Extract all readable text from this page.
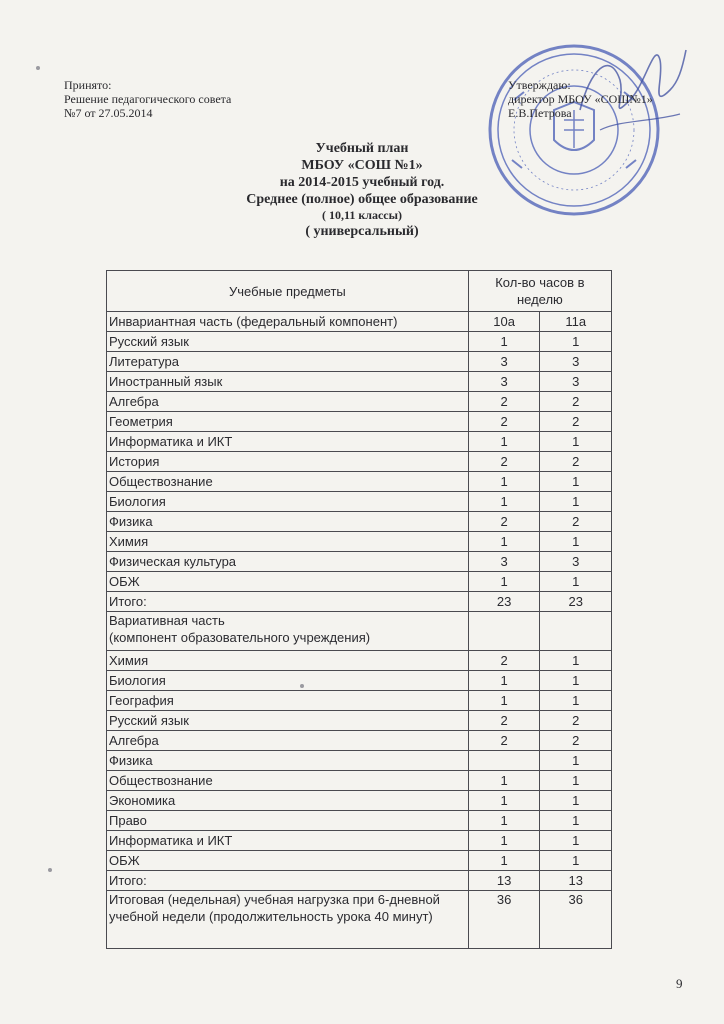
Принято:
Решение педагогического совета
№7 от 27.05.2014
Утверждаю:
директор МБОУ «СОШ№1»
Е.В.Петрова
Учебный план
МБОУ «СОШ №1»
на 2014-2015 учебный год.
Среднее (полное) общее образование
( 10,11 классы)
( универсальный)
Учебные предметы	Кол-во часов в неделю	
Инвариантная часть (федеральный компонент)	10а	11а
Русский язык	1	1
Литература	3	3
Иностранный язык	3	3
Алгебра	2	2
Геометрия	2	2
Информатика и ИКТ	1	1
История	2	2
Обществознание	1	1
Биология	1	1
Физика	2	2
Химия	1	1
Физическая культура	3	3
ОБЖ	1	1
Итого:	23	23

Вариативная часть
(компонент образовательного учреждения)		

Химия	2	1
Биология	1	1
География	1	1
Русский язык	2	2
Алгебра	2	2
Физика		1
Обществознание	1	1
Экономика	1	1
Право	1	1
Информатика и ИКТ	1	1
ОБЖ	1	1
Итого:	13	13
Итоговая (недельная) учебная нагрузка при 6-дневной учебной недели (продолжительность урока 40 минут)	36	36
9
